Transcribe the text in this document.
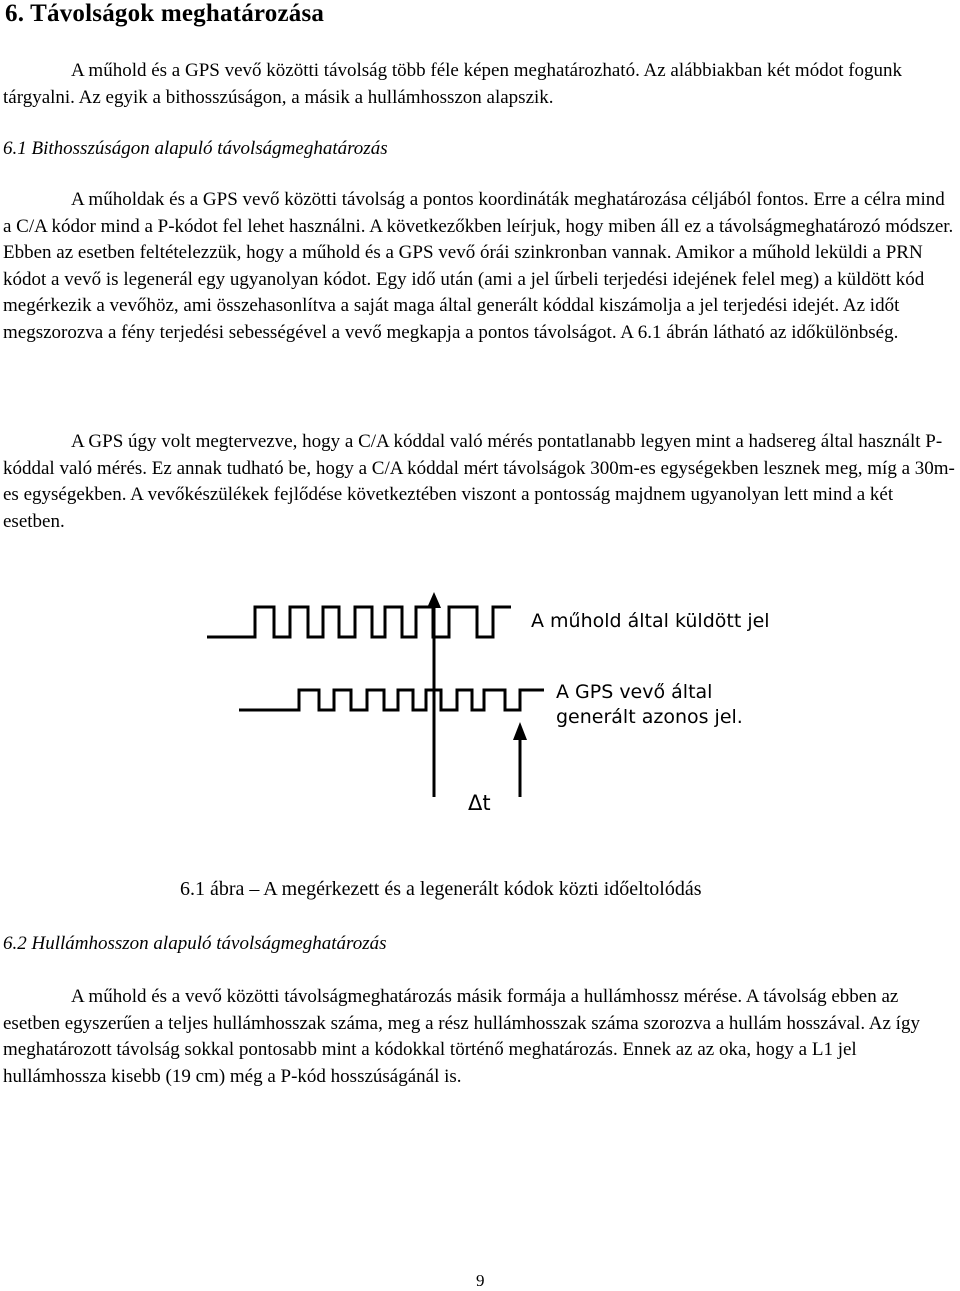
6. Távolságok meghatározása

A műhold és a GPS vevő közötti távolság több féle képen meghatározható. Az alábbiakban két módot fogunk tárgyalni. Az egyik a bithosszúságon, a másik a hullámhosszon alapszik.

6.1 Bithosszúságon alapuló távolságmeghatározás

A műholdak és a GPS vevő közötti távolság a pontos koordináták meghatározása céljából fontos. Erre a célra mind a C/A kódor mind a P-kódot fel lehet használni. A következőkben leírjuk, hogy miben áll ez a távolságmeghatározó módszer. Ebben az esetben feltételezzük, hogy a műhold és a GPS vevő órái szinkronban vannak. Amikor a műhold leküldi a PRN kódot a vevő is legenerál egy ugyanolyan kódot. Egy idő után (ami a jel űrbeli terjedési idejének felel meg) a küldött kód megérkezik a vevőhöz, ami összehasonlítva a saját maga által generált kóddal kiszámolja a jel terjedési idejét. Az időt megszorozva a fény terjedési sebességével a vevő megkapja a pontos távolságot. A 6.1 ábrán látható az időkülönbség.

A GPS úgy volt megtervezve, hogy a C/A kóddal való mérés pontatlanabb legyen mint a hadsereg által használt P-kóddal való mérés. Ez annak tudható be, hogy a C/A kóddal mért távolságok 300m-es egységekben lesznek meg, míg a 30m-es egységekben. A vevőkészülékek fejlődése következtében viszont a pontosság majdnem ugyanolyan lett mind a két esetben.

A műhold által küldött jel
A GPS vevő által
generált azonos jel.
Δt

6.1 ábra – A megérkezett és a legenerált kódok közti időeltolódás

6.2 Hullámhosszon alapuló távolságmeghatározás

A műhold és a vevő közötti távolságmeghatározás másik formája a hullámhossz mérése. A távolság ebben az esetben egyszerűen a teljes hullámhosszak száma, meg a rész hullámhosszak száma szorozva a hullám hosszával. Az így meghatározott távolság sokkal pontosabb mint a kódokkal történő meghatározás. Ennek az az oka, hogy a L1 jel hullámhossza kisebb (19 cm) még a P-kód hosszúságánál is.

9
